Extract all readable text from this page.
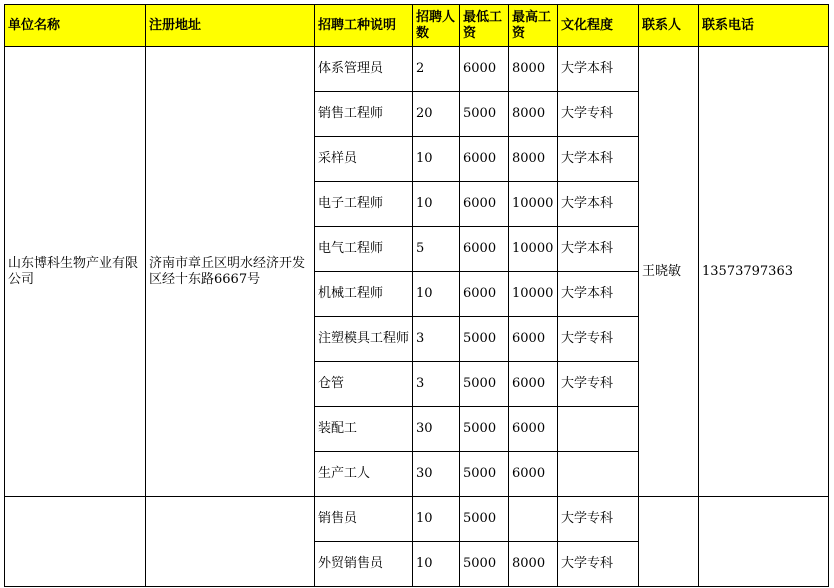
单位名称	注册地址	招聘工种说明	招聘人数	最低工资	最高工资	文化程度	联系人	联系电话
山东博科生物产业有限公司	济南市章丘区明水经济开发区经十东路6667号	体系管理员	2	6000	8000	大学本科	王晓敏	13573797363
		销售工程师	20	5000	8000	大学专科		
		采样员	10	6000	8000	大学本科		
		电子工程师	10	6000	10000	大学本科		
		电气工程师	5	6000	10000	大学本科		
		机械工程师	10	6000	10000	大学本科		
		注塑模具工程师	3	5000	6000	大学专科		
		仓管	3	5000	6000	大学专科		
		装配工	30	5000	6000			
		生产工人	30	5000	6000			
		销售员	10	5000		大学专科		
		外贸销售员	10	5000	8000	大学专科		
